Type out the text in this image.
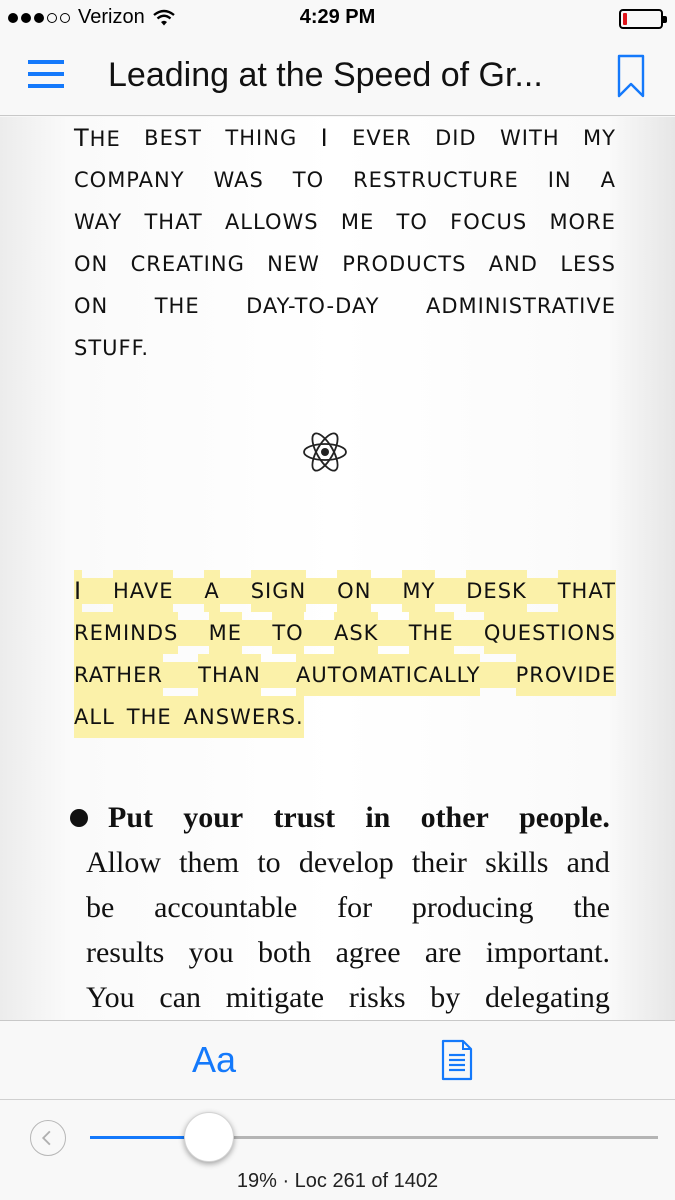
Verizon	4:29 PM
Leading at the Speed of Gr...
THE BEST THING I EVER DID WITH MY
COMPANY WAS TO RESTRUCTURE IN A
WAY THAT ALLOWS ME TO FOCUS MORE
ON CREATING NEW PRODUCTS AND LESS
ON THE DAY-TO-DAY ADMINISTRATIVE
STUFF.
I HAVE A SIGN ON MY DESK THAT
REMINDS ME TO ASK THE QUESTIONS
RATHER THAN AUTOMATICALLY PROVIDE
ALL THE ANSWERS.
Put your trust in other people.
Allow them to develop their skills and
be accountable for producing the
results you both agree are important.
You can mitigate risks by delegating
Aa
19% · Loc 261 of 1402
